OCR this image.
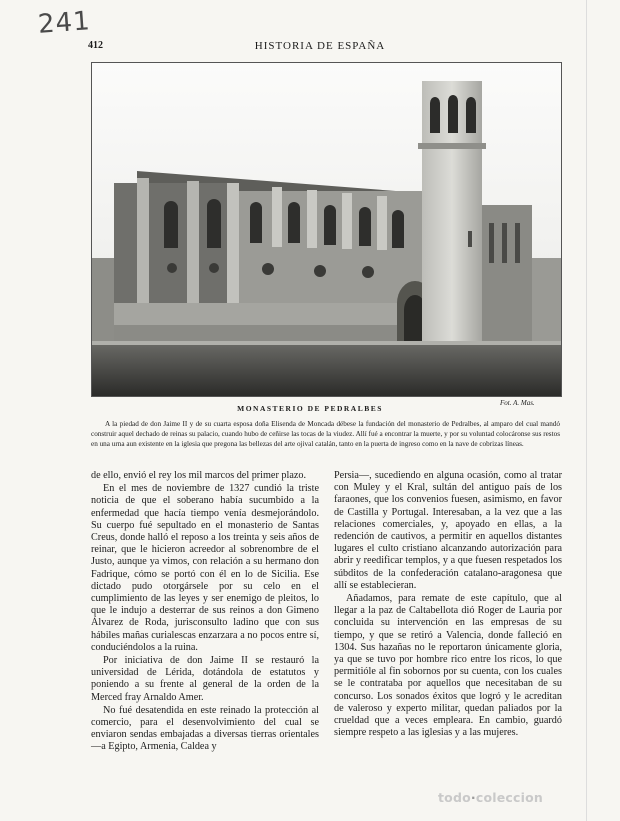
241
412	HISTORIA DE ESPAÑA
MONASTERIO DE PEDRALBES
Fot. A. Mas.
A la piedad de don Jaime II y de su cuarta esposa doña Elisenda de Moncada débese la fundación del monasterio de Pedralbes, al amparo del cual mandó construir aquel dechado de reinas su palacio, cuando hubo de ceñirse las tocas de la viudez. Allí fué a encontrar la muerte, y por su voluntad colocáronse sus restos en una urna aun existente en la iglesia que pregona las bellezas del arte ojival catalán, tanto en la puerta de ingreso como en la nave de cobrizas líneas.

de ello, envió el rey los mil marcos del primer plazo.

En el mes de noviembre de 1327 cundió la triste noticia de que el soberano había sucumbido a la enfermedad que hacía tiempo venía desmejorándolo. Su cuerpo fué sepultado en el monasterio de Santas Creus, donde halló el reposo a los treinta y seis años de reinar, que le hicieron acreedor al sobrenombre de el Justo, aunque ya vimos, con relación a su hermano don Fadrique, cómo se portó con él en lo de Sicilia. Ese dictado pudo otorgársele por su celo en el cumplimiento de las leyes y ser enemigo de pleitos, lo que le indujo a desterrar de sus reinos a don Gimeno Álvarez de Roda, jurisconsulto ladino que con sus hábiles mañas curialescas enzarzara a no pocos entre sí, conduciéndolos a la ruina.

Por iniciativa de don Jaime II se restauró la universidad de Lérida, dotándola de estatutos y poniendo a su frente al general de la orden de la Merced fray Arnaldo Amer.

No fué desatendida en este reinado la protección al comercio, para el desenvolvimiento del cual se enviaron sendas embajadas a diversas tierras orientales —a Egipto, Armenia, Caldea y

Persia—, sucediendo en alguna ocasión, como al tratar con Muley y el Kral, sultán del antiguo país de los faraones, que los convenios fuesen, asimismo, en favor de Castilla y Portugal. Interesaban, a la vez que a las relaciones comerciales, y, apoyado en ellas, a la redención de cautivos, a permitir en aquellos distantes lugares el culto cristiano alcanzando autorización para abrir y reedificar templos, y a que fuesen respetados los súbditos de la confederación catalano-aragonesa que allí se establecieran.

Añadamos, para remate de este capítulo, que al llegar a la paz de Caltabellota dió Roger de Lauria por concluida su intervención en las empresas de su tiempo, y que se retiró a Valencia, donde falleció en 1304. Sus hazañas no le reportaron únicamente gloria, ya que se tuvo por hombre rico entre los ricos, lo que permitióle al fin sobornos por su cuenta, con los cuales se le contrataba por aquellos que necesitaban de su concurso. Los sonados éxitos que logró y le acreditan de valeroso y experto militar, quedan paliados por la crueldad que a veces empleara. En cambio, guardó siempre respeto a las iglesias y a las mujeres.

todo·coleccion
